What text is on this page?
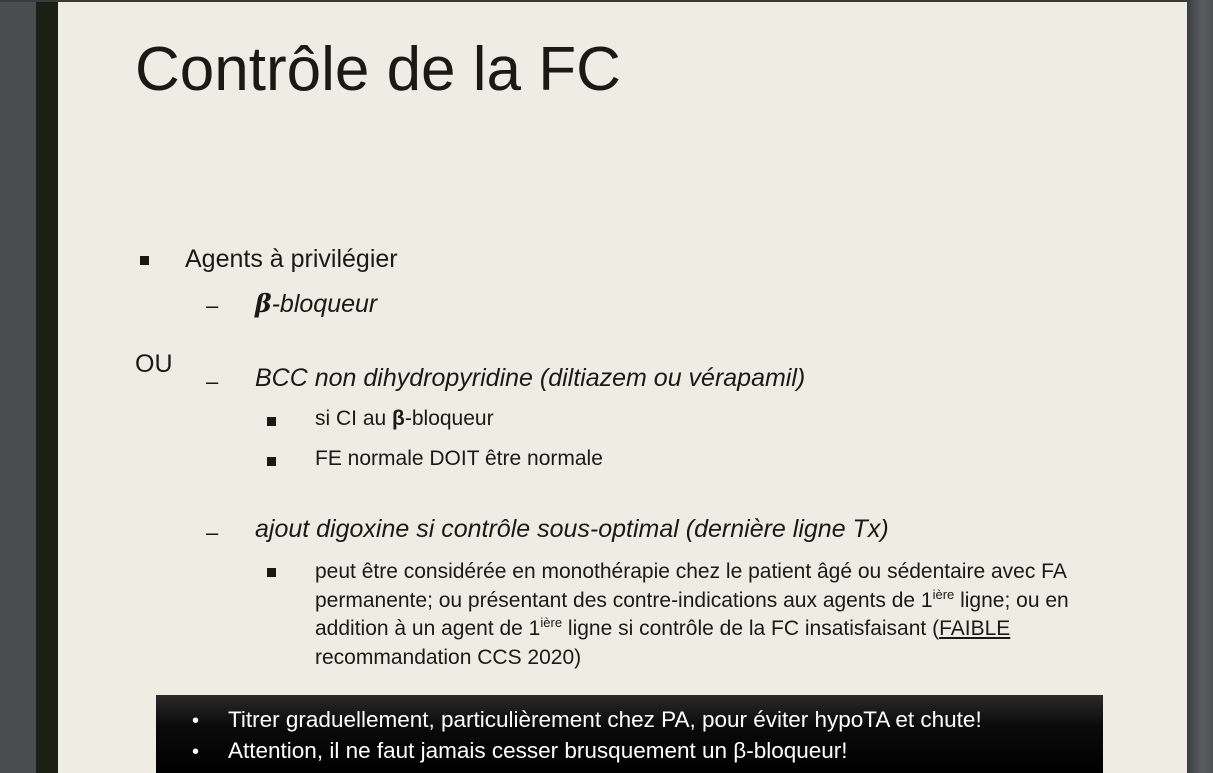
Contrôle de la FC
Agents à privilégier
– β-bloqueur
OU
– BCC non dihydropyridine (diltiazem ou vérapamil)
si CI au β-bloqueur
FE normale DOIT être normale
– ajout digoxine si contrôle sous-optimal (dernière ligne Tx)
peut être considérée en monothérapie chez le patient âgé ou sédentaire avec FA permanente; ou présentant des contre-indications aux agents de $1^{ière}$ ligne; ou en addition à un agent de $1^{ière}$ ligne si contrôle de la FC insatisfaisant (FAIBLE recommandation CCS 2020)
• Titrer graduellement, particulièrement chez PA, pour éviter hypoTA et chute!
• Attention, il ne faut jamais cesser brusquement un β-bloqueur!
